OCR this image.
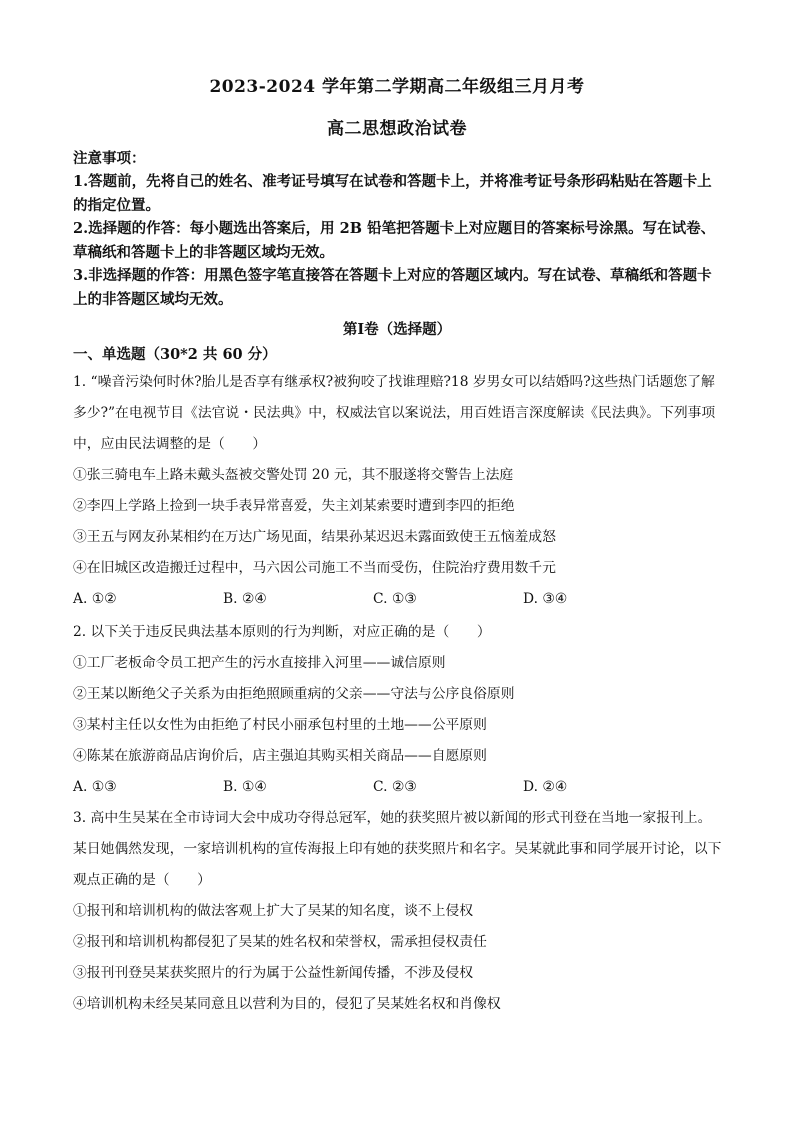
2023-2024 学年第二学期高二年级组三月月考
高二思想政治试卷
注意事项：

1.答题前，先将自己的姓名、准考证号填写在试卷和答题卡上，并将准考证号条形码粘贴在答题卡上的指定位置。

2.选择题的作答：每小题选出答案后，用 2B 铅笔把答题卡上对应题目的答案标号涂黑。写在试卷、草稿纸和答题卡上的非答题区域均无效。

3.非选择题的作答：用黑色签字笔直接答在答题卡上对应的答题区域内。写在试卷、草稿纸和答题卡上的非答题区域均无效。

第Ⅰ卷（选择题）
一、单选题（30*2 共 60 分）

1. “噪音污染何时休?胎儿是否享有继承权?被狗咬了找谁理赔?18 岁男女可以结婚吗?这些热门话题您了解多少?”在电视节目《法官说・民法典》中，权威法官以案说法，用百姓语言深度解读《民法典》。下列事项中，应由民法调整的是（　　）

①张三骑电车上路未戴头盔被交警处罚 20 元，其不服遂将交警告上法庭

②李四上学路上捡到一块手表异常喜爱，失主刘某索要时遭到李四的拒绝

③王五与网友孙某相约在万达广场见面，结果孙某迟迟未露面致使王五恼羞成怒

④在旧城区改造搬迁过程中，马六因公司施工不当而受伤，住院治疗费用数千元

A. ①②	B. ②④	C. ①③	D. ③④

2. 以下关于违反民典法基本原则的行为判断，对应正确的是（　　）

①工厂老板命令员工把产生的污水直接排入河里——诚信原则

②王某以断绝父子关系为由拒绝照顾重病的父亲——守法与公序良俗原则

③某村主任以女性为由拒绝了村民小丽承包村里的土地——公平原则

④陈某在旅游商品店询价后，店主强迫其购买相关商品——自愿原则

A. ①③	B. ①④	C. ②③	D. ②④

3. 高中生吴某在全市诗词大会中成功夺得总冠军，她的获奖照片被以新闻的形式刊登在当地一家报刊上。某日她偶然发现，一家培训机构的宣传海报上印有她的获奖照片和名字。吴某就此事和同学展开讨论，以下观点正确的是（　　）

①报刊和培训机构的做法客观上扩大了吴某的知名度，谈不上侵权

②报刊和培训机构都侵犯了吴某的姓名权和荣誉权，需承担侵权责任

③报刊刊登吴某获奖照片的行为属于公益性新闻传播，不涉及侵权

④培训机构未经吴某同意且以营利为目的，侵犯了吴某姓名权和肖像权
